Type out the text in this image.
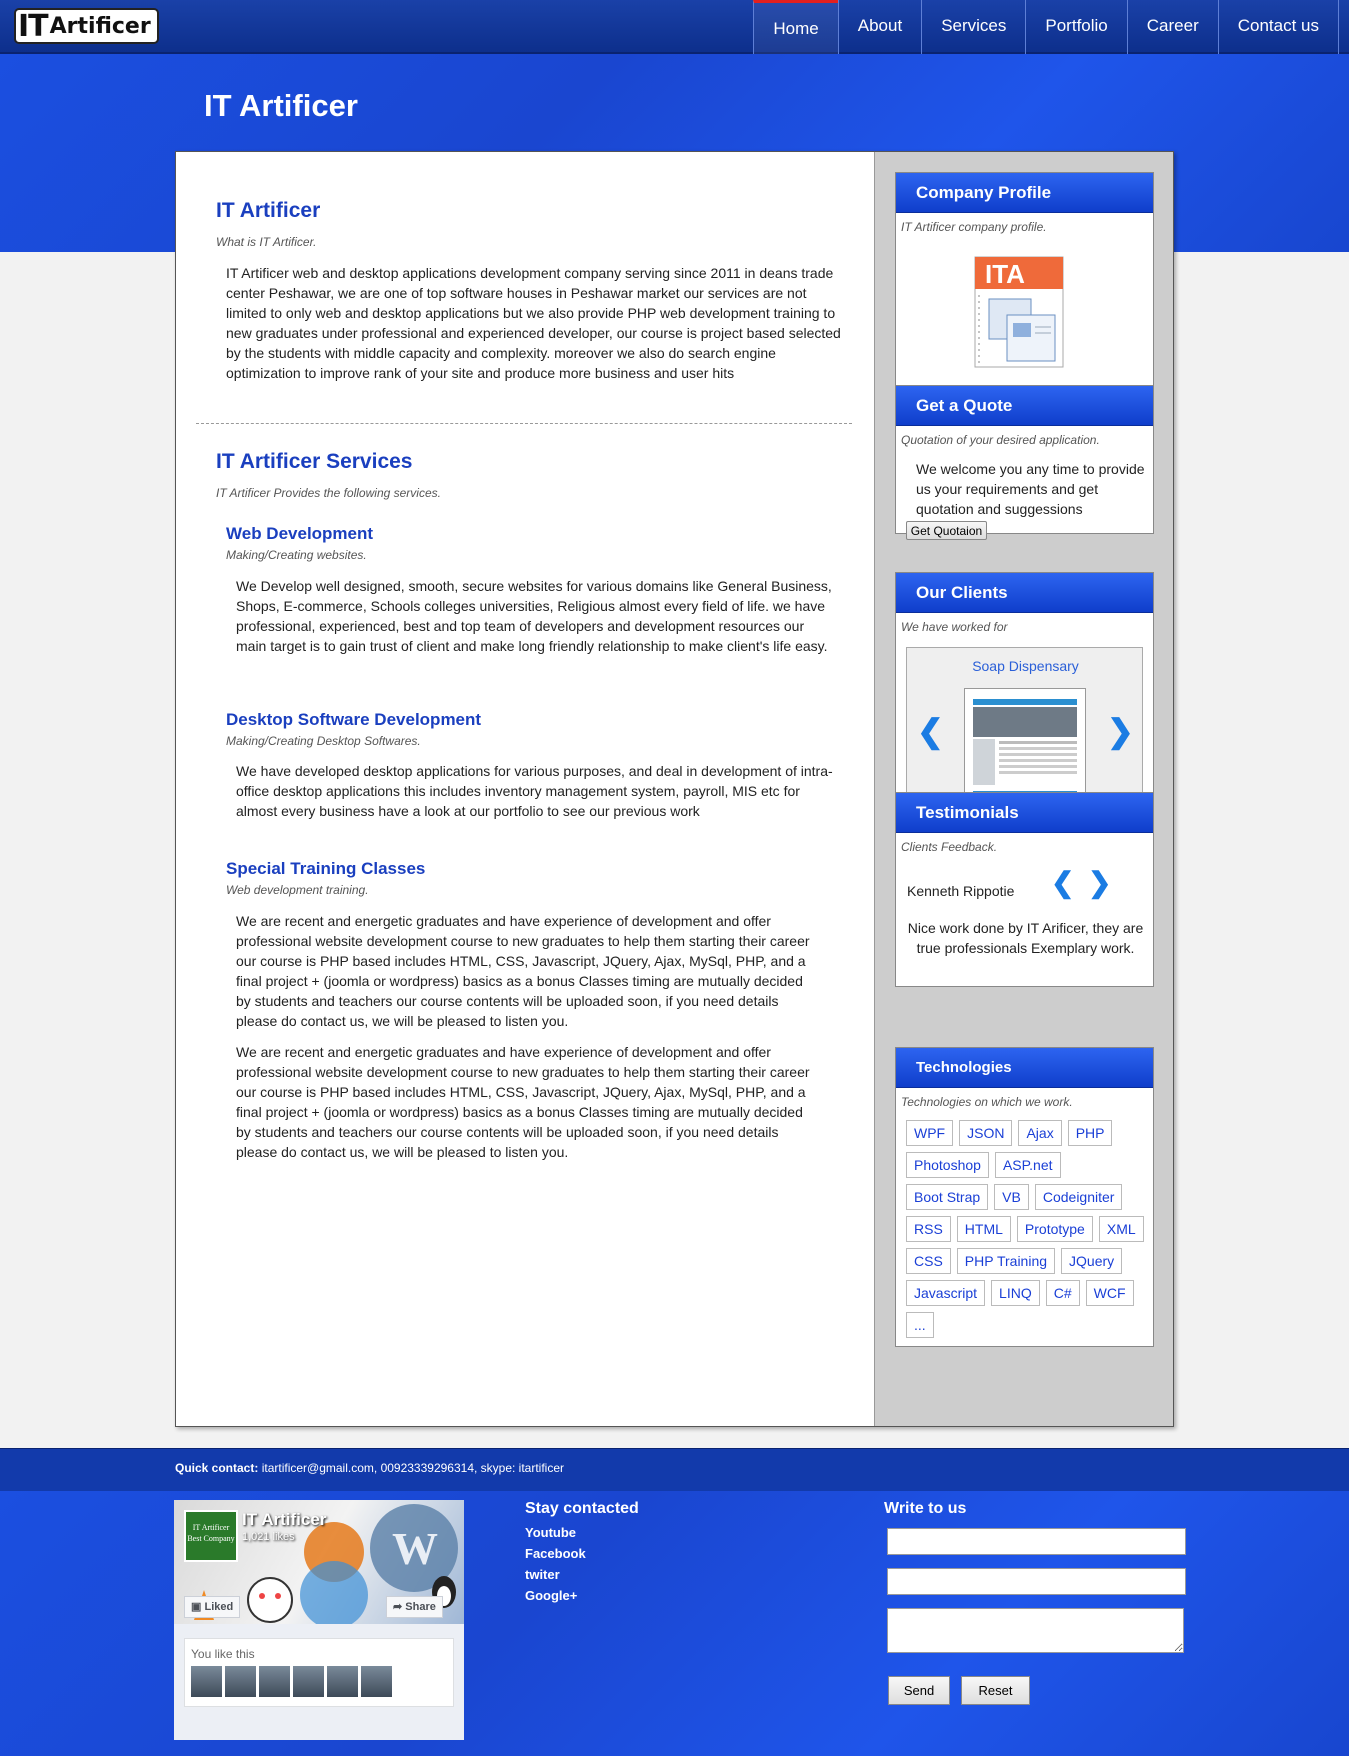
IT Artificer	Home	About	Services	Portfolio	Career	Contact us
IT Artificer
IT Artificer
What is IT Artificer.
IT Artificer web and desktop applications development company serving since 2011 in deans trade center Peshawar, we are one of top software houses in Peshawar market our services are not limited to only web and desktop applications but we also provide PHP web development training to new graduates under professional and experienced developer, our course is project based selected by the students with middle capacity and complexity. moreover we also do search engine optimization to improve rank of your site and produce more business and user hits
IT Artificer Services
IT Artificer Provides the following services.
Web Development
Making/Creating websites.
We Develop well designed, smooth, secure websites for various domains like General Business, Shops, E-commerce, Schools colleges universities, Religious almost every field of life. we have professional, experienced, best and top team of developers and development resources our main target is to gain trust of client and make long friendly relationship to make client's life easy.
Desktop Software Development
Making/Creating Desktop Softwares.
We have developed desktop applications for various purposes, and deal in development of intra-office desktop applications this includes inventory management system, payroll, MIS etc for almost every business have a look at our portfolio to see our previous work
Special Training Classes
Web development training.
We are recent and energetic graduates and have experience of development and offer professional website development course to new graduates to help them starting their career our course is PHP based includes HTML, CSS, Javascript, JQuery, Ajax, MySql, PHP, and a final project + (joomla or wordpress) basics as a bonus Classes timing are mutually decided by students and teachers our course contents will be uploaded soon, if you need details please do contact us, we will be pleased to listen you.
We are recent and energetic graduates and have experience of development and offer professional website development course to new graduates to help them starting their career our course is PHP based includes HTML, CSS, Javascript, JQuery, Ajax, MySql, PHP, and a final project + (joomla or wordpress) basics as a bonus Classes timing are mutually decided by students and teachers our course contents will be uploaded soon, if you need details please do contact us, we will be pleased to listen you.
Company Profile
IT Artificer company profile.
ITA
Get a Quote
Quotation of your desired application.
We welcome you any time to provide us your requirements and get quotation and suggessions
Get Quotaion
Our Clients
We have worked for
Soap Dispensary
❮	❯
Testimonials
Clients Feedback.
Kenneth Rippotie ❮ ❯
Nice work done by IT Arificer, they are true professionals Exemplary work.
Technologies
Technologies on which we work.
WPF	JSON	Ajax	PHP
Photoshop	ASP.net
Boot Strap	VB	Codeigniter
RSS	HTML	Prototype	XML
CSS	PHP Training	JQuery
Javascript	LINQ	C#	WCF
...
Quick contact: itartificer@gmail.com, 00923339296314, skype: itartificer
W
IT Artificer Best Company
IT Artificer
1,021 likes
▣ Liked	➦ Share
You like this
Stay contacted
Youtube
Facebook
twiter
Google+
Write to us
Send	Reset
